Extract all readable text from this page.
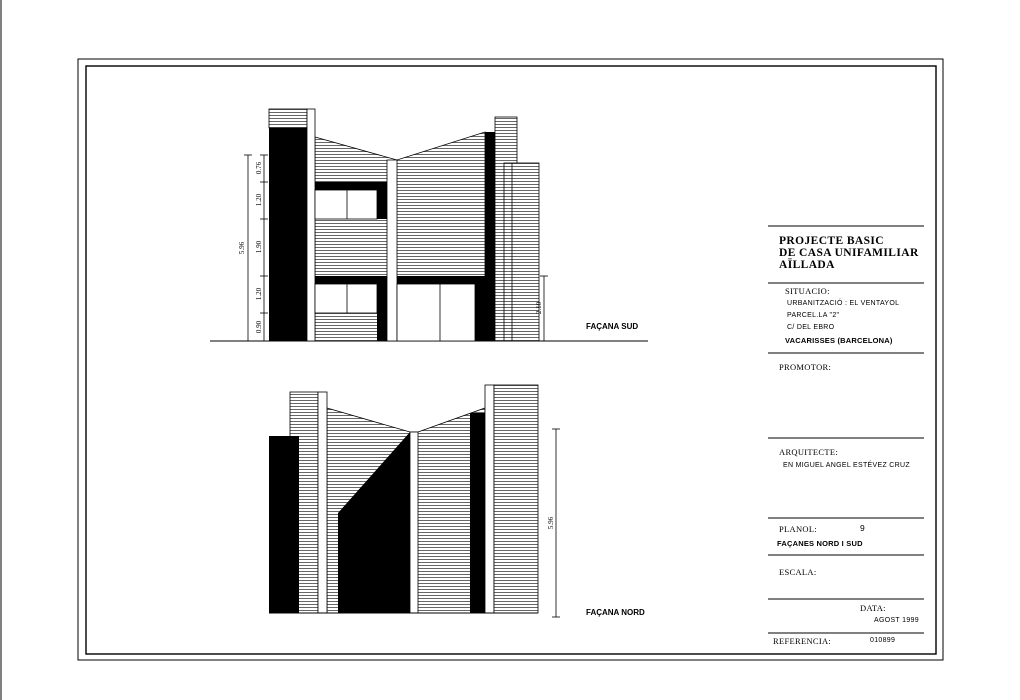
5.96
0.90
1.20
1.90
1.20
0.76
2.10
5.96
FAÇANA SUD
FAÇANA NORD
PROJECTE BASIC
DE CASA UNIFAMILIAR
AÏLLADA
SITUACIO:
URBANITZACIÓ : EL VENTAYOL
PARCEL.LA "2"
C/ DEL EBRO
VACARISSES (BARCELONA)
PROMOTOR:
ARQUITECTE:
EN MIGUEL ANGEL ESTÉVEZ CRUZ
PLANOL:	9
FAÇANES NORD I SUD
ESCALA:
DATA:
AGOST 1999
REFERENCIA:	010899
